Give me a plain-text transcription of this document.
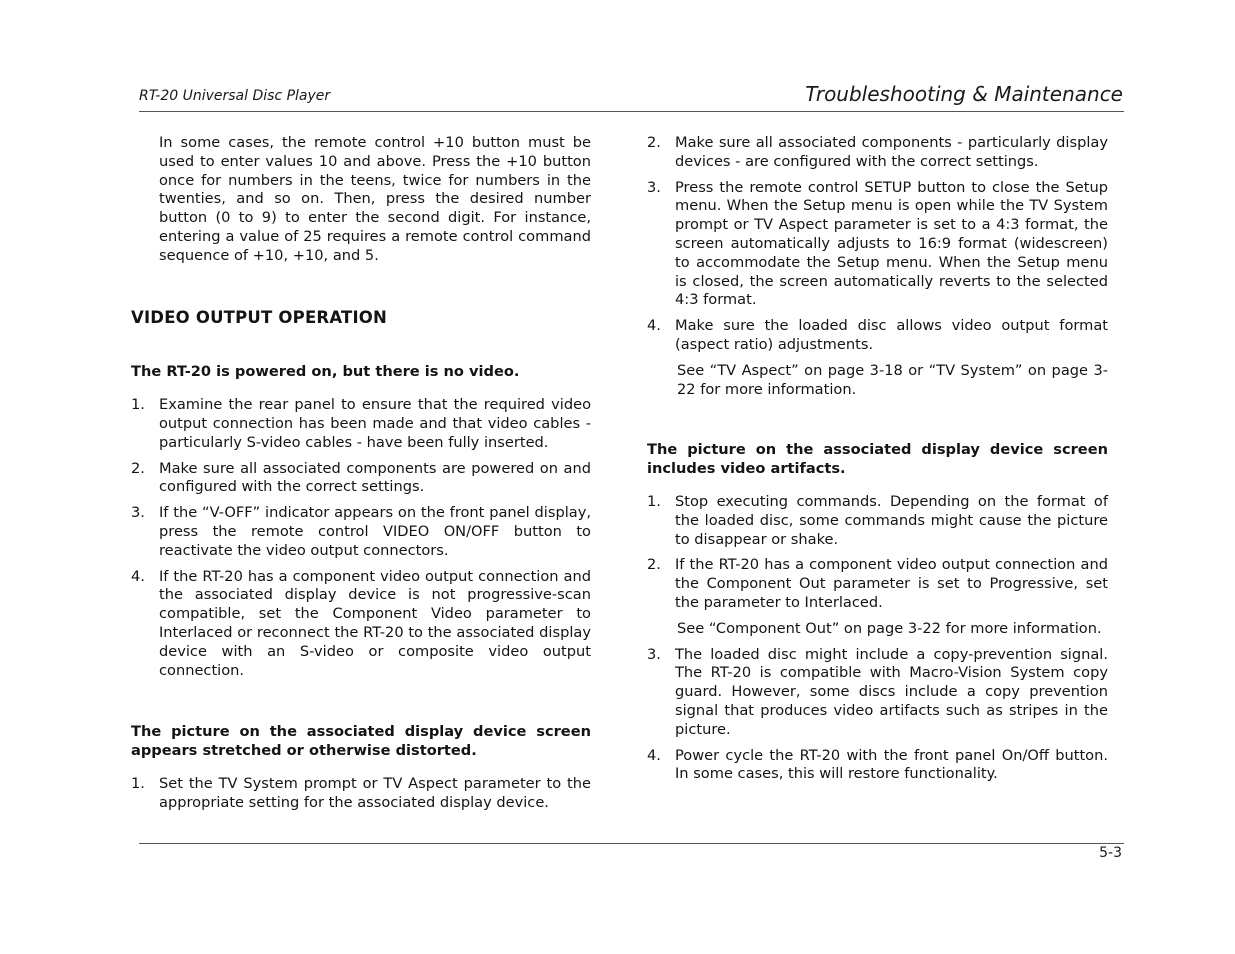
RT-20 Universal Disc Player	Troubleshooting & Maintenance

In some cases, the remote control +10 button must be used to enter values 10 and above. Press the +10 button once for numbers in the teens, twice for numbers in the twenties, and so on. Then, press the desired number button (0 to 9) to enter the second digit. For instance, entering a value of 25 requires a remote control command sequence of +10, +10, and 5.

VIDEO OUTPUT OPERATION

The RT-20 is powered on, but there is no video.

1. Examine the rear panel to ensure that the required video output connection has been made and that video cables - particularly S-video cables - have been fully inserted.
2. Make sure all associated components are powered on and configured with the correct settings.
3. If the “V-OFF” indicator appears on the front panel display, press the remote control VIDEO ON/OFF button to reactivate the video output connectors.
4. If the RT-20 has a component video output connection and the associated display device is not progressive-scan compatible, set the Component Video parameter to Interlaced or reconnect the RT-20 to the associated display device with an S-video or composite video output connection.

The picture on the associated display device screen appears stretched or otherwise distorted.

1. Set the TV System prompt or TV Aspect parameter to the appropriate setting for the associated display device.
2. Make sure all associated components - particularly display devices - are configured with the correct settings.
3. Press the remote control SETUP button to close the Setup menu. When the Setup menu is open while the TV System prompt or TV Aspect parameter is set to a 4:3 format, the screen automatically adjusts to 16:9 format (widescreen) to accommodate the Setup menu. When the Setup menu is closed, the screen automatically reverts to the selected 4:3 format.
4. Make sure the loaded disc allows video output format (aspect ratio) adjustments.

See “TV Aspect” on page 3-18 or “TV System” on page 3-22 for more information.

The picture on the associated display device screen includes video artifacts.

1. Stop executing commands. Depending on the format of the loaded disc, some commands might cause the picture to disappear or shake.
2. If the RT-20 has a component video output connection and the Component Out parameter is set to Progressive, set the parameter to Interlaced.

See “Component Out” on page 3-22 for more information.

3. The loaded disc might include a copy-prevention signal. The RT-20 is compatible with Macro-Vision System copy guard. However, some discs include a copy prevention signal that produces video artifacts such as stripes in the picture.
4. Power cycle the RT-20 with the front panel On/Off button. In some cases, this will restore functionality.
5-3
